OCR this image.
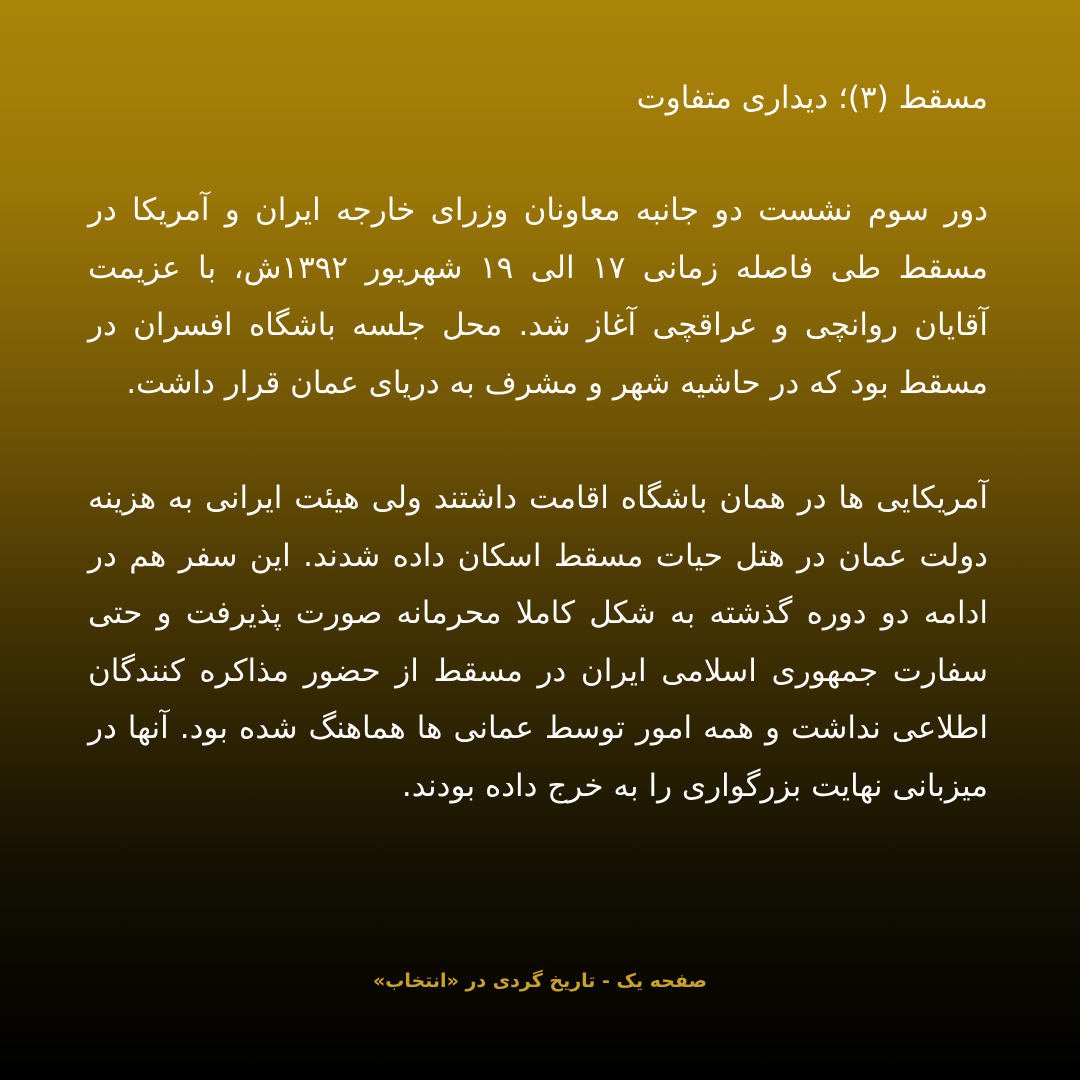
مسقط (۳)؛ دیداری متفاوت

دور سوم نشست دو جانبه معاونان وزرای خارجه ایران و آمریکا در مسقط طی فاصله زمانی ۱۷ الی ۱۹ شهریور ۱۳۹۲ش، با عزیمت آقایان روانچی و عراقچی آغاز شد. محل جلسه باشگاه افسران در مسقط بود که در حاشیه شهر و مشرف به دریای عمان قرار داشت.

آمریکایی ها در همان باشگاه اقامت داشتند ولی هیئت ایرانی به هزینه دولت عمان در هتل حیات مسقط اسکان داده شدند. این سفر هم در ادامه دو دوره گذشته به شکل کاملا محرمانه صورت پذیرفت و حتی سفارت جمهوری اسلامی ایران در مسقط از حضور مذاکره کنندگان اطلاعی نداشت و همه امور توسط عمانی ها هماهنگ شده بود. آنها در میزبانی نهایت بزرگواری را به خرج داده بودند.

صفحه یک - تاریخ گردی در «انتخاب»
